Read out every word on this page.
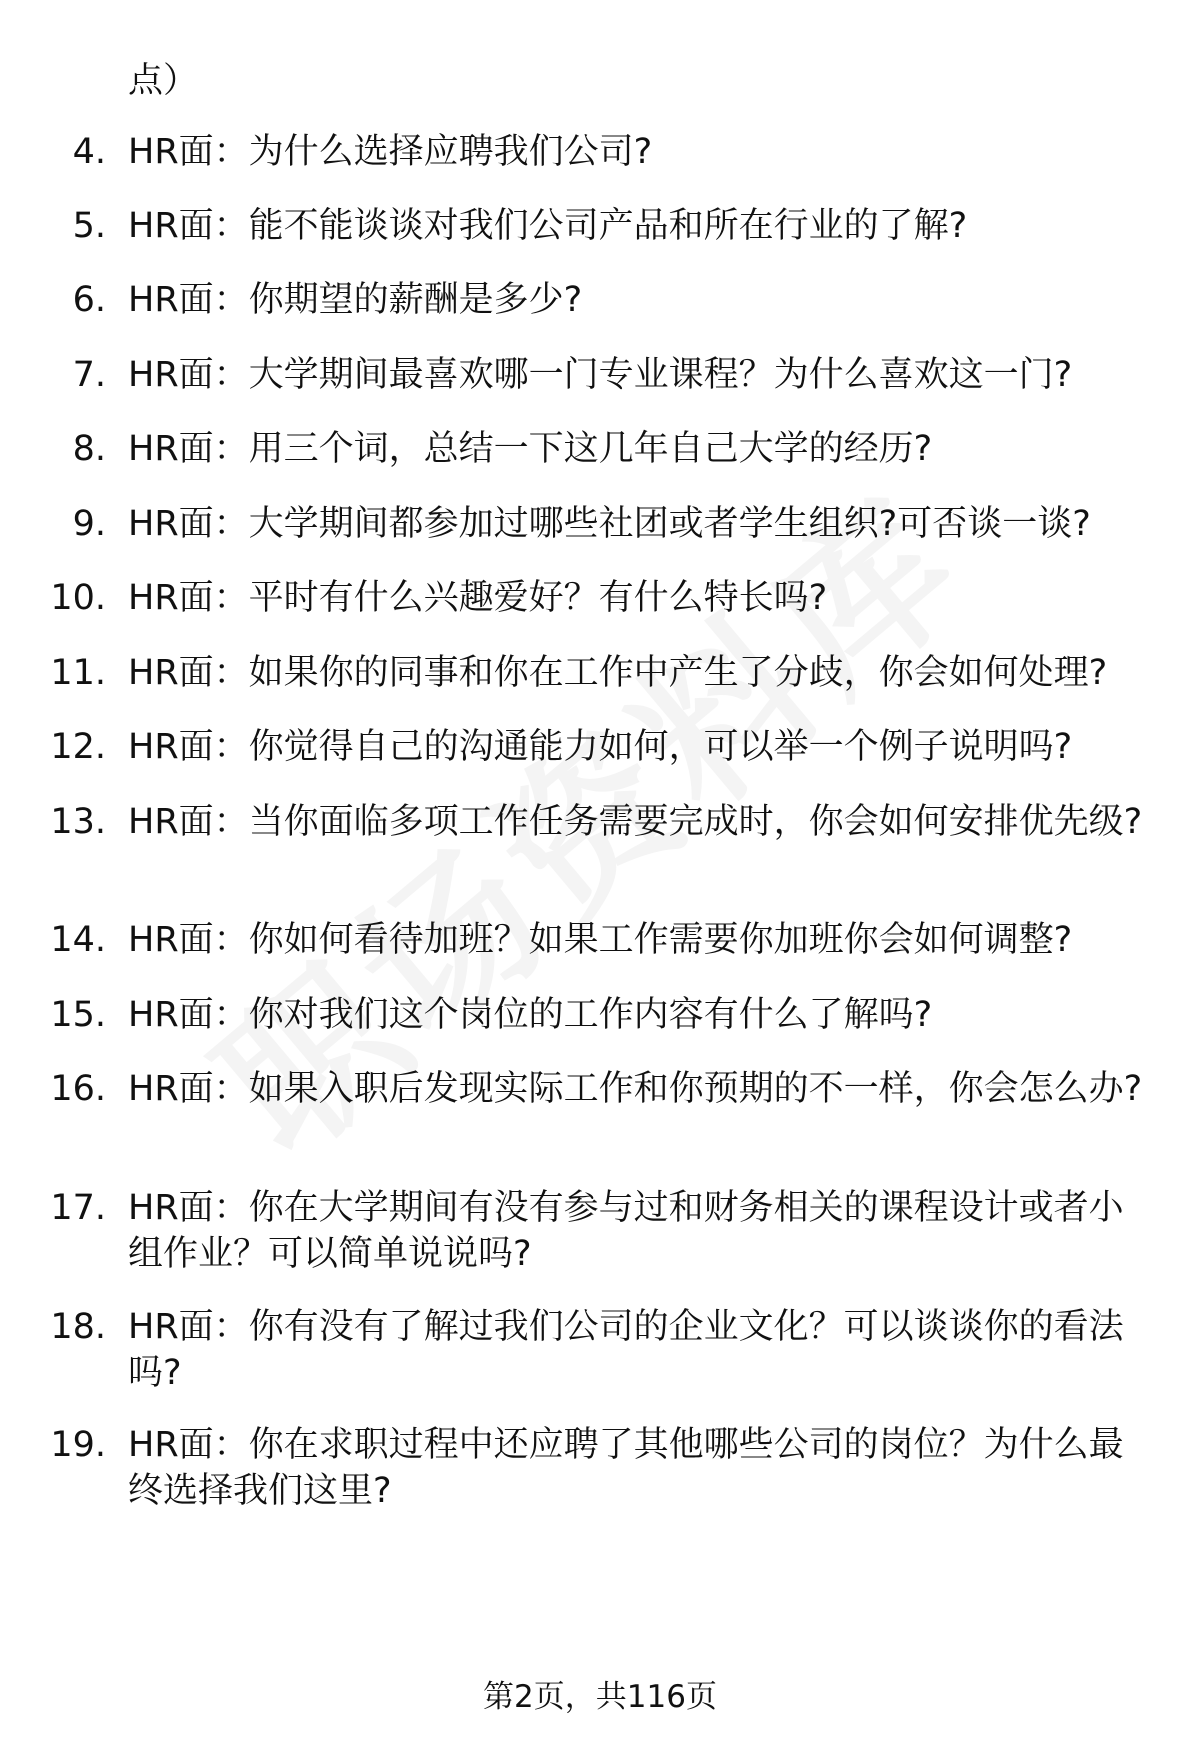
点）
4. HR面：为什么选择应聘我们公司?
5. HR面：能不能谈谈对我们公司产品和所在行业的了解?
6. HR面：你期望的薪酬是多少?
7. HR面：大学期间最喜欢哪一门专业课程？为什么喜欢这一门?
8. HR面：用三个词，总结一下这几年自己大学的经历?
9. HR面：大学期间都参加过哪些社团或者学生组织?可否谈一谈?
10. HR面：平时有什么兴趣爱好？有什么特长吗?
11. HR面：如果你的同事和你在工作中产生了分歧，你会如何处理?
12. HR面：你觉得自己的沟通能力如何，可以举一个例子说明吗?
13. HR面：当你面临多项工作任务需要完成时，你会如何安排优先级?
14. HR面：你如何看待加班？如果工作需要你加班你会如何调整?
15. HR面：你对我们这个岗位的工作内容有什么了解吗?
16. HR面：如果入职后发现实际工作和你预期的不一样，你会怎么办?
17. HR面：你在大学期间有没有参与过和财务相关的课程设计或者小组作业？可以简单说说吗?
18. HR面：你有没有了解过我们公司的企业文化？可以谈谈你的看法吗?
19. HR面：你在求职过程中还应聘了其他哪些公司的岗位？为什么最终选择我们这里?
第2页，共116页
